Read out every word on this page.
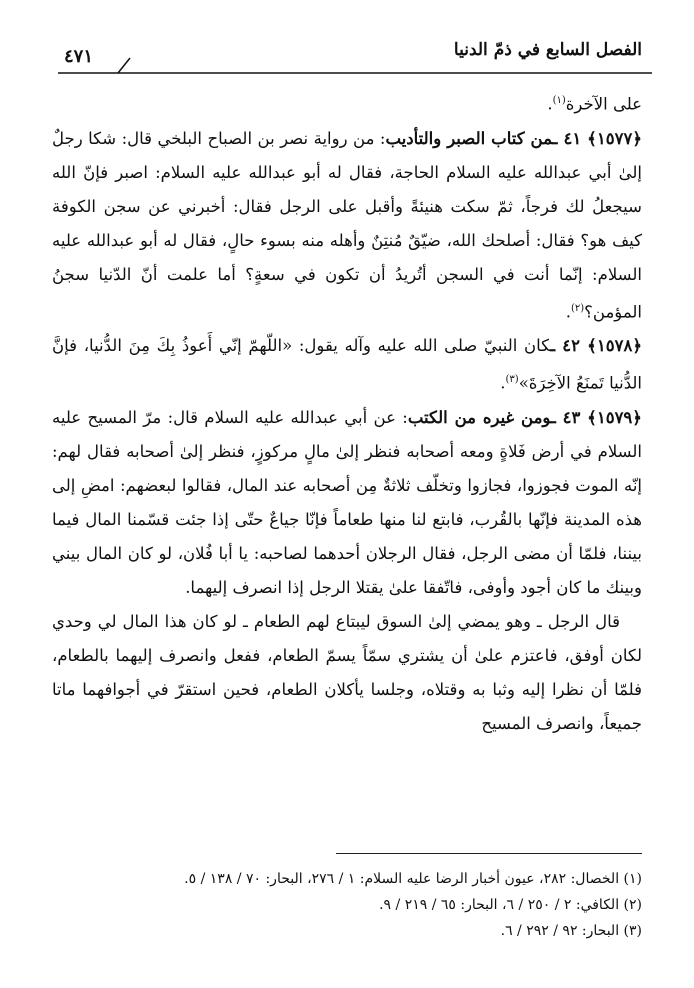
الفصل السابع في ذمّ الدنيا
٤٧١

على الآخرة$^{(١)}$.

﴿١٥٧٧﴾ ٤١ ـمن كتاب الصبر والتأديب: من رواية نصر بن الصباح البلخي قال: شكا رجلٌ إلىٰ أبي عبدالله عليه السلام الحاجة، فقال له أبو عبدالله عليه السلام: اصبر فإنّ الله سيجعلُ لك فرجاً، ثمّ سكت هنيئةً وأقبل على الرجل فقال: أخبرني عن سجن الكوفة كيف هو؟ فقال: أصلحك الله، ضيّقٌ مُنتِنٌ وأهله منه بسوء حالٍ، فقال له أبو عبدالله عليه السلام: إنّما أنت في السجن أتُريدُ أن تكون في سعةٍ؟ أما علمت أنّ الدّنيا سجنُ المؤمن؟$^{(٢)}$.

﴿١٥٧٨﴾ ٤٢ ـكان النبيّ صلى الله عليه وآله يقول: «اللّهمّ إنّي أَعوذُ بِكَ مِنَ الدُّنيا، فإنَّ الدُّنيا تَمنَعُ الآخِرَةَ»$^{(٣)}$.

﴿١٥٧٩﴾ ٤٣ ـومن غيره من الكتب: عن أبي عبدالله عليه السلام قال: مرّ المسيح عليه السلام في أرض فَلاةٍ ومعه أصحابه فنظر إلىٰ مالٍ مركوزٍ، فنظر إلىٰ أصحابه فقال لهم: إنّه الموت فجوزوا، فجازوا وتخلّف ثلاثةٌ مِن أصحابه عند المال، فقالوا لبعضهم: امضِ إلى هذه المدينة فإنّها بالقُرب، فابتع لنا منها طعاماً فإنّا جياعٌ حتّى إذا جئت قسّمنا المال فيما بيننا، فلمّا أن مضى الرجل، فقال الرجلان أحدهما لصاحبه: يا أبا فُلان، لو كان المال بيني وبينك ما كان أجود وأوفى، فاتّفقا علىٰ يقتلا الرجل إذا انصرف إليهما.

قال الرجل ـ وهو يمضي إلىٰ السوق ليبتاع لهم الطعام ـ لو كان هذا المال لي وحدي لكان أوفق، فاعتزم علىٰ أن يشتري سمّاً يسمّ الطعام، ففعل وانصرف إليهما بالطعام، فلمّا أن نظرا إليه وثبا به وقتلاه، وجلسا يأكلان الطعام، فحين استقرّ في أجوافهما ماتا جميعاً، وانصرف المسيح

(١) الخصال: ٢٨٢، عيون أخبار الرضا عليه السلام: ١ / ٢٧٦، البحار: ٧٠ / ١٣٨ / ٥.

(٢) الكافي: ٢ / ٢٥٠ / ٦، البحار: ٦٥ / ٢١٩ / ٩.

(٣) البحار: ٩٢ / ٢٩٢ / ٦.
